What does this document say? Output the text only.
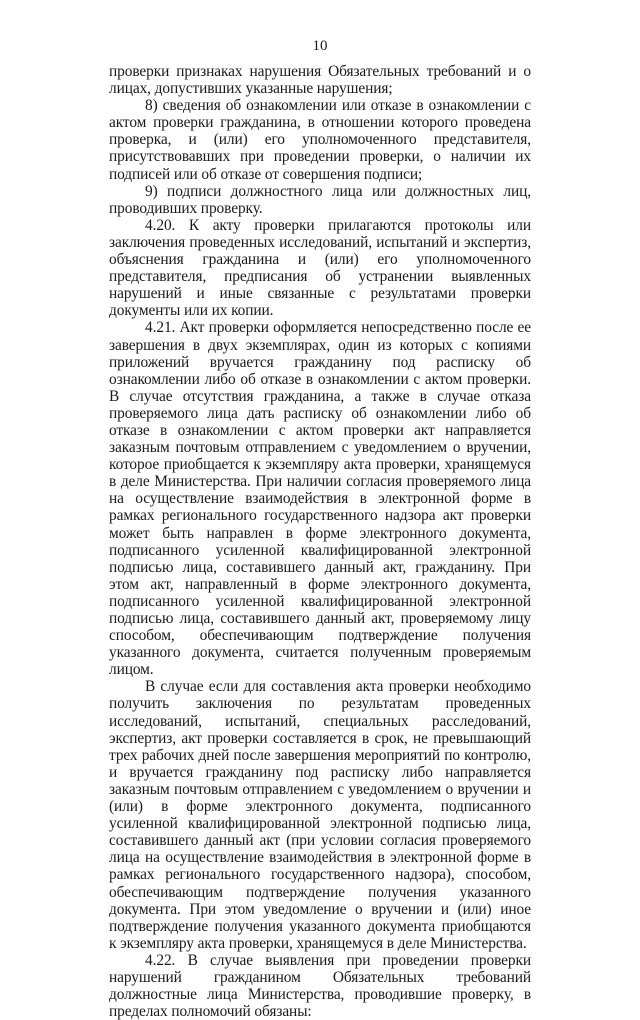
10

проверки признаках нарушения Обязательных требований и о лицах, допустивших указанные нарушения;

8) сведения об ознакомлении или отказе в ознакомлении с актом проверки гражданина, в отношении которого проведена проверка, и (или) его уполномоченного представителя, присутствовавших при проведении проверки, о наличии их подписей или об отказе от совершения подписи;

9) подписи должностного лица или должностных лиц, проводивших проверку.

4.20. К акту проверки прилагаются протоколы или заключения проведенных исследований, испытаний и экспертиз, объяснения гражданина и (или) его уполномоченного представителя, предписания об устранении выявленных нарушений и иные связанные с результатами проверки документы или их копии.

4.21. Акт проверки оформляется непосредственно после ее завершения в двух экземплярах, один из которых с копиями приложений вручается гражданину под расписку об ознакомлении либо об отказе в ознакомлении с актом проверки. В случае отсутствия гражданина, а также в случае отказа проверяемого лица дать расписку об ознакомлении либо об отказе в ознакомлении с актом проверки акт направляется заказным почтовым отправлением с уведомлением о вручении, которое приобщается к экземпляру акта проверки, хранящемуся в деле Министерства. При наличии согласия проверяемого лица на осуществление взаимодействия в электронной форме в рамках регионального государственного надзора акт проверки может быть направлен в форме электронного документа, подписанного усиленной квалифицированной электронной подписью лица, составившего данный акт, гражданину. При этом акт, направленный в форме электронного документа, подписанного усиленной квалифицированной электронной подписью лица, составившего данный акт, проверяемому лицу способом, обеспечивающим подтверждение получения указанного документа, считается полученным проверяемым лицом.

В случае если для составления акта проверки необходимо получить заключения по результатам проведенных исследований, испытаний, специальных расследований, экспертиз, акт проверки составляется в срок, не превышающий трех рабочих дней после завершения мероприятий по контролю, и вручается гражданину под расписку либо направляется заказным почтовым отправлением с уведомлением о вручении и (или) в форме электронного документа, подписанного усиленной квалифицированной электронной подписью лица, составившего данный акт (при условии согласия проверяемого лица на осуществление взаимодействия в электронной форме в рамках регионального государственного надзора), способом, обеспечивающим подтверждение получения указанного документа. При этом уведомление о вручении и (или) иное подтверждение получения указанного документа приобщаются к экземпляру акта проверки, хранящемуся в деле Министерства.

4.22. В случае выявления при проведении проверки нарушений гражданином Обязательных требований должностные лица Министерства, проводившие проверку, в пределах полномочий обязаны:
